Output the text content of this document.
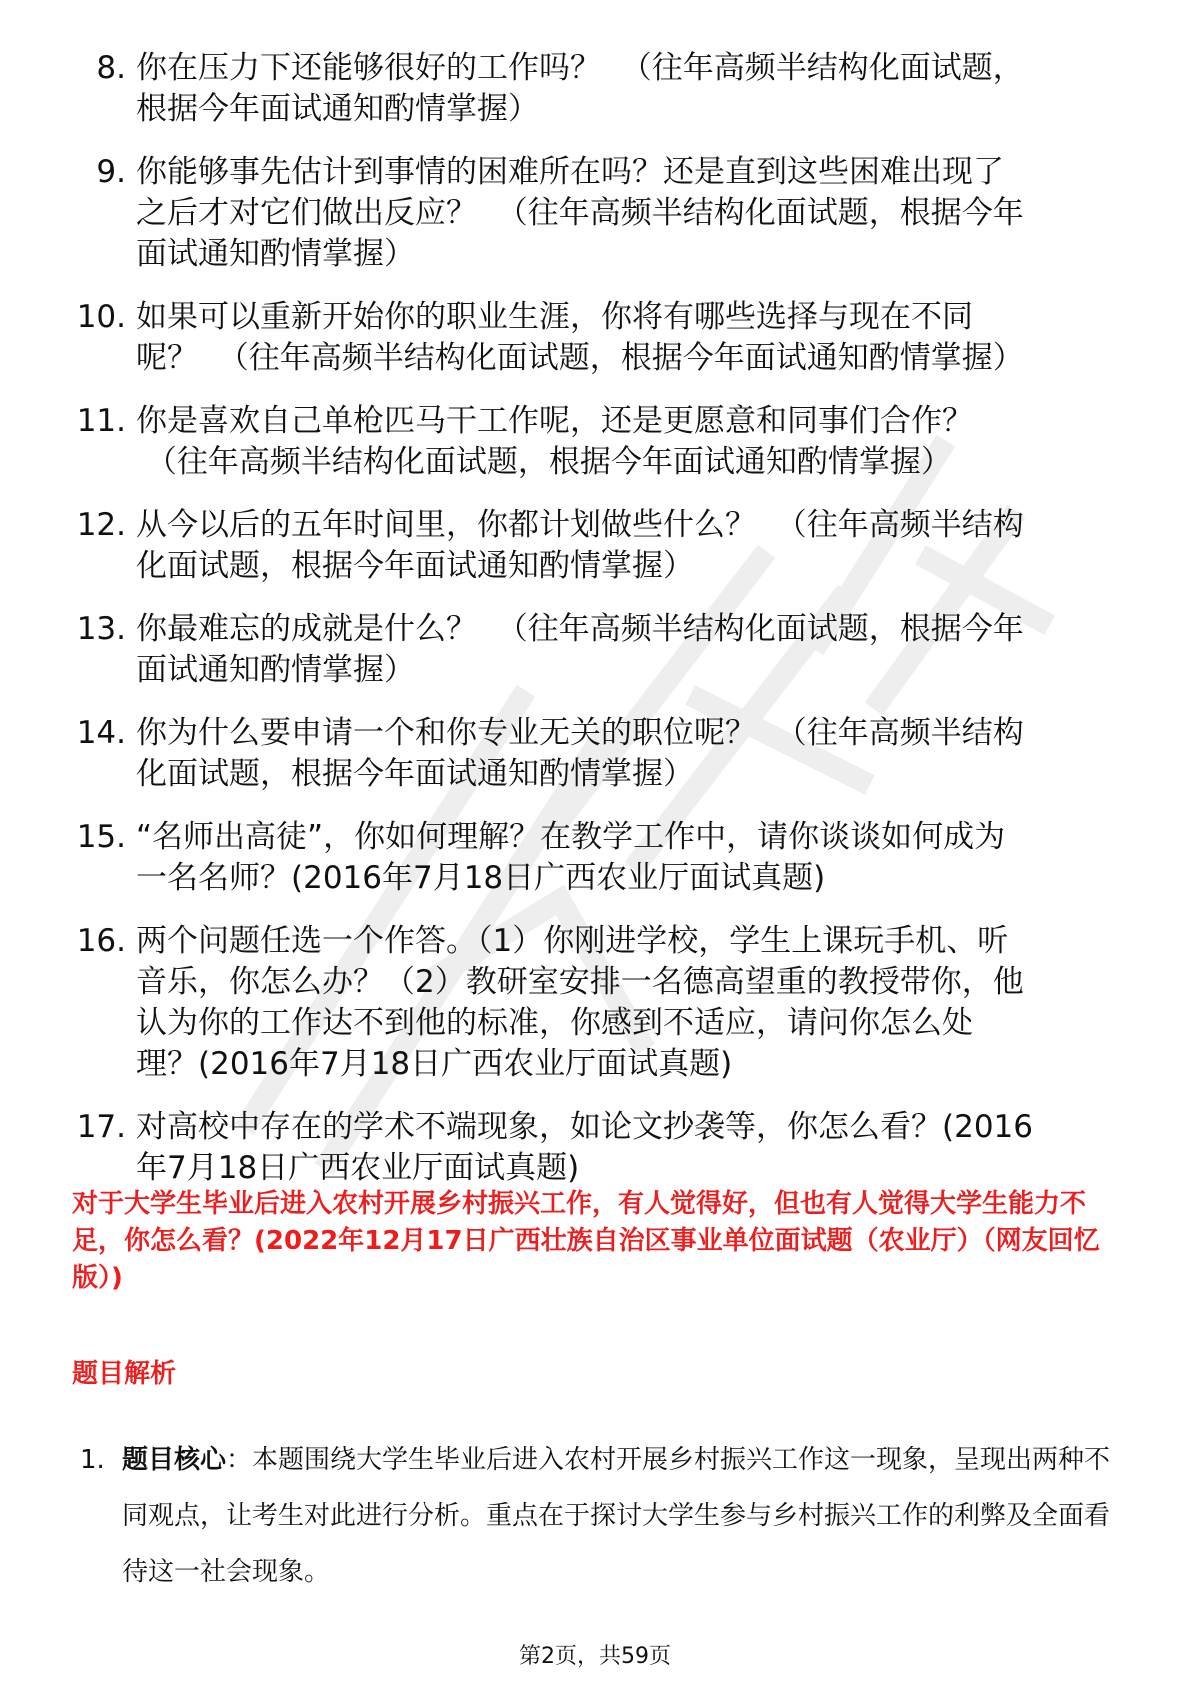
8. 你在压力下还能够很好的工作吗？  （往年高频半结构化面试题，
根据今年面试通知酌情掌握）
9. 你能够事先估计到事情的困难所在吗？还是直到这些困难出现了
之后才对它们做出反应？  （往年高频半结构化面试题，根据今年
面试通知酌情掌握）
10. 如果可以重新开始你的职业生涯，你将有哪些选择与现在不同
呢？  （往年高频半结构化面试题，根据今年面试通知酌情掌握）
11. 你是喜欢自己单枪匹马干工作呢，还是更愿意和同事们合作？
（往年高频半结构化面试题，根据今年面试通知酌情掌握）
12. 从今以后的五年时间里，你都计划做些什么？  （往年高频半结构
化面试题，根据今年面试通知酌情掌握）
13. 你最难忘的成就是什么？  （往年高频半结构化面试题，根据今年
面试通知酌情掌握）
14. 你为什么要申请一个和你专业无关的职位呢？  （往年高频半结构
化面试题，根据今年面试通知酌情掌握）
15. “名师出高徒”，你如何理解？在教学工作中，请你谈谈如何成为
一名名师？(2016年7月18日广西农业厅面试真题)
16. 两个问题任选一个作答。（1）你刚进学校，学生上课玩手机、听
音乐，你怎么办？（2）教研室安排一名德高望重的教授带你，他
认为你的工作达不到他的标准，你感到不适应，请问你怎么处
理？(2016年7月18日广西农业厅面试真题)
17. 对高校中存在的学术不端现象，如论文抄袭等，你怎么看？(2016
年7月18日广西农业厅面试真题)
对于大学生毕业后进入农村开展乡村振兴工作，有人觉得好，但也有人觉得大学生能力不足，你怎么看？(2022年12月17日广西壮族自治区事业单位面试题（农业厅）（网友回忆版）)
题目解析
1. 题目核心：本题围绕大学生毕业后进入农村开展乡村振兴工作这一现象，呈现出两种不同观点，让考生对此进行分析。重点在于探讨大学生参与乡村振兴工作的利弊及全面看待这一社会现象。
第2页，共59页
